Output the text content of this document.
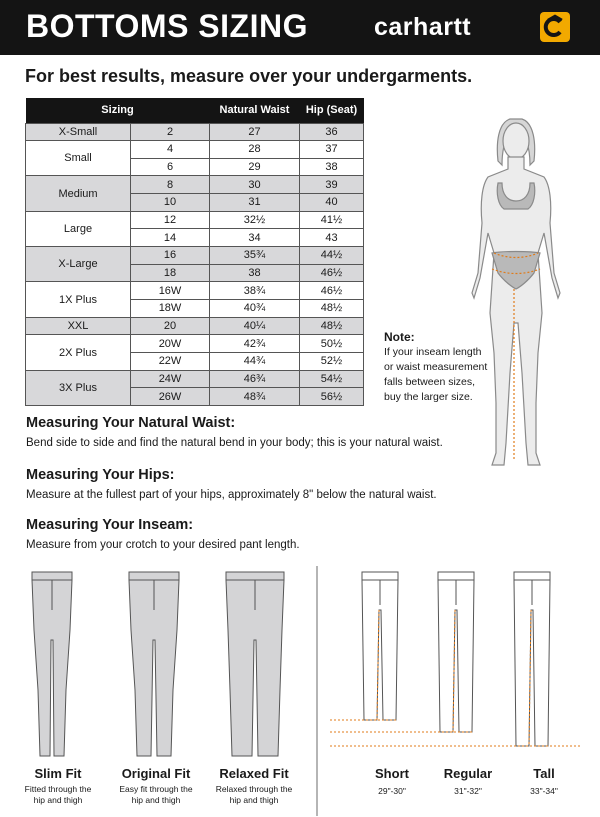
BOTTOMS SIZING	carhartt
For best results, measure over your undergarments.
Sizing		Natural Waist	Hip (Seat)
X-Small	2	27	36
Small	4	28	37
	6	29	38
Medium	8	30	39
	10	31	40
Large	12	32½	41½
	14	34	43
X-Large	16	35¾	44½
	18	38	46½
1X Plus	16W	38¾	46½
	18W	40¾	48½
XXL	20	40¼	48½
2X Plus	20W	42¾	50½
	22W	44¾	52½
3X Plus	24W	46¾	54½
	26W	48¾	56½
Note:
If your inseam length
or waist measurement
falls between sizes,
buy the larger size.
Measuring Your Natural Waist:
Bend side to side and find the natural bend in your body; this is your natural waist.
Measuring Your Hips:
Measure at the fullest part of your hips, approximately 8" below the natural waist.
Measuring Your Inseam:
Measure from your crotch to your desired pant length.
Slim Fit
Fitted through the
hip and thigh
Original Fit
Easy fit through the
hip and thigh
Relaxed Fit
Relaxed through the
hip and thigh
Short
29"-30"
Regular
31"-32"
Tall
33"-34"
